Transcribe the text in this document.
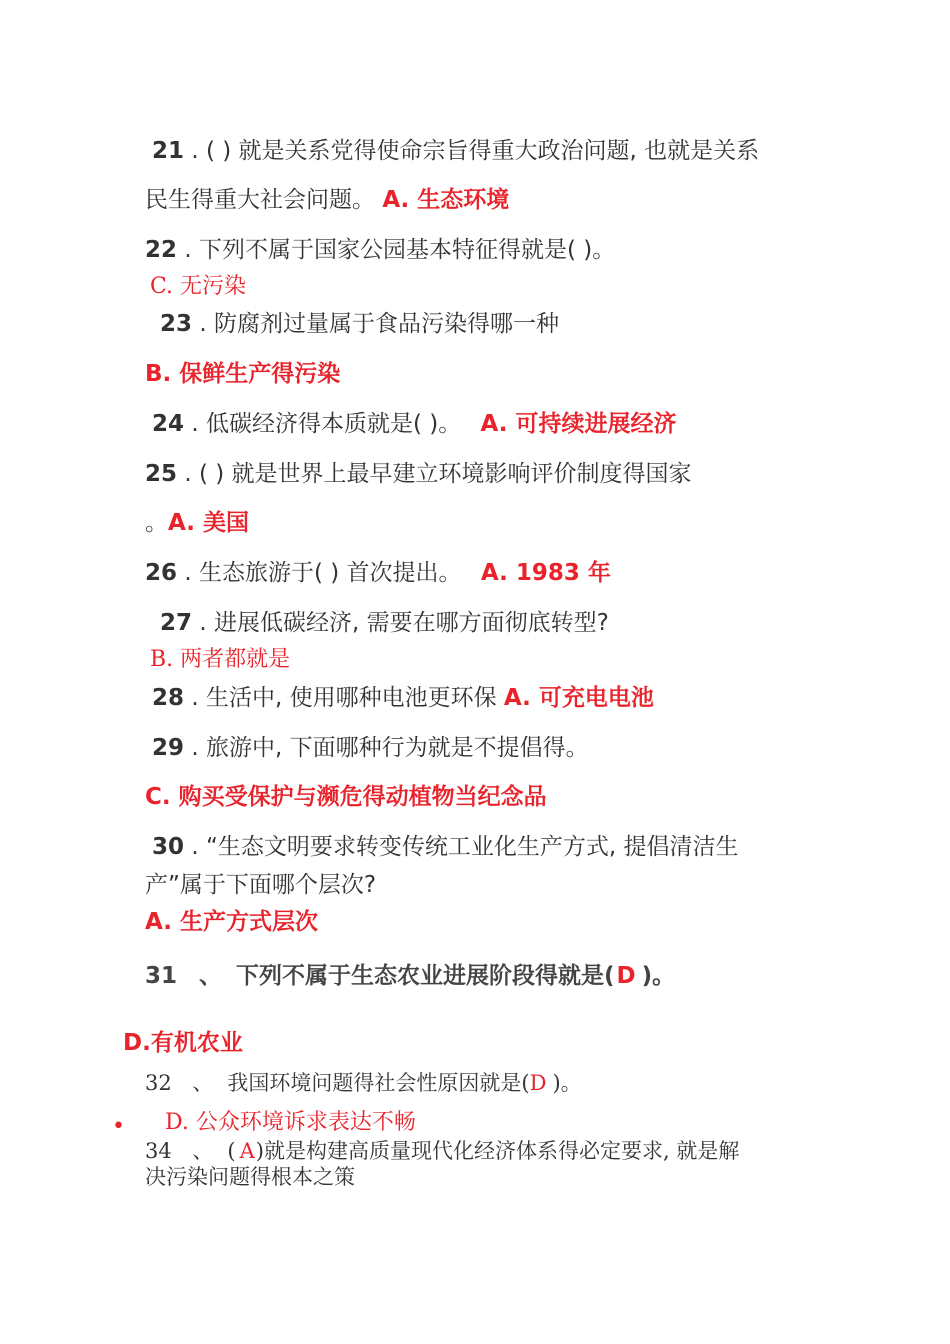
21 . ( ) 就是关系党得使命宗旨得重大政治问题, 也就是关系
民生得重大社会问题。 A. 生态环境
22 . 下列不属于国家公园基本特征得就是( )。
C. 无污染
23 . 防腐剂过量属于食品污染得哪一种
B. 保鲜生产得污染
24 . 低碳经济得本质就是( )。 A. 可持续进展经济
25 . ( ) 就是世界上最早建立环境影响评价制度得国家
。A. 美国
26 . 生态旅游于( ) 首次提出。 A. 1983 年
27 . 进展低碳经济, 需要在哪方面彻底转型?
B. 两者都就是
28 . 生活中, 使用哪种电池更环保 A. 可充电电池
29 . 旅游中, 下面哪种行为就是不提倡得。
C. 购买受保护与濒危得动植物当纪念品
30 . “生态文明要求转变传统工业化生产方式, 提倡清洁生
产”属于下面哪个层次?
A. 生产方式层次
31 、 下列不属于生态农业进展阶段得就是(D )。
D.有机农业
32 、 我国环境问题得社会性原因就是(D )。
• D. 公众环境诉求表达不畅
34 、 ( A)就是构建高质量现代化经济体系得必定要求, 就是解
决污染问题得根本之策
